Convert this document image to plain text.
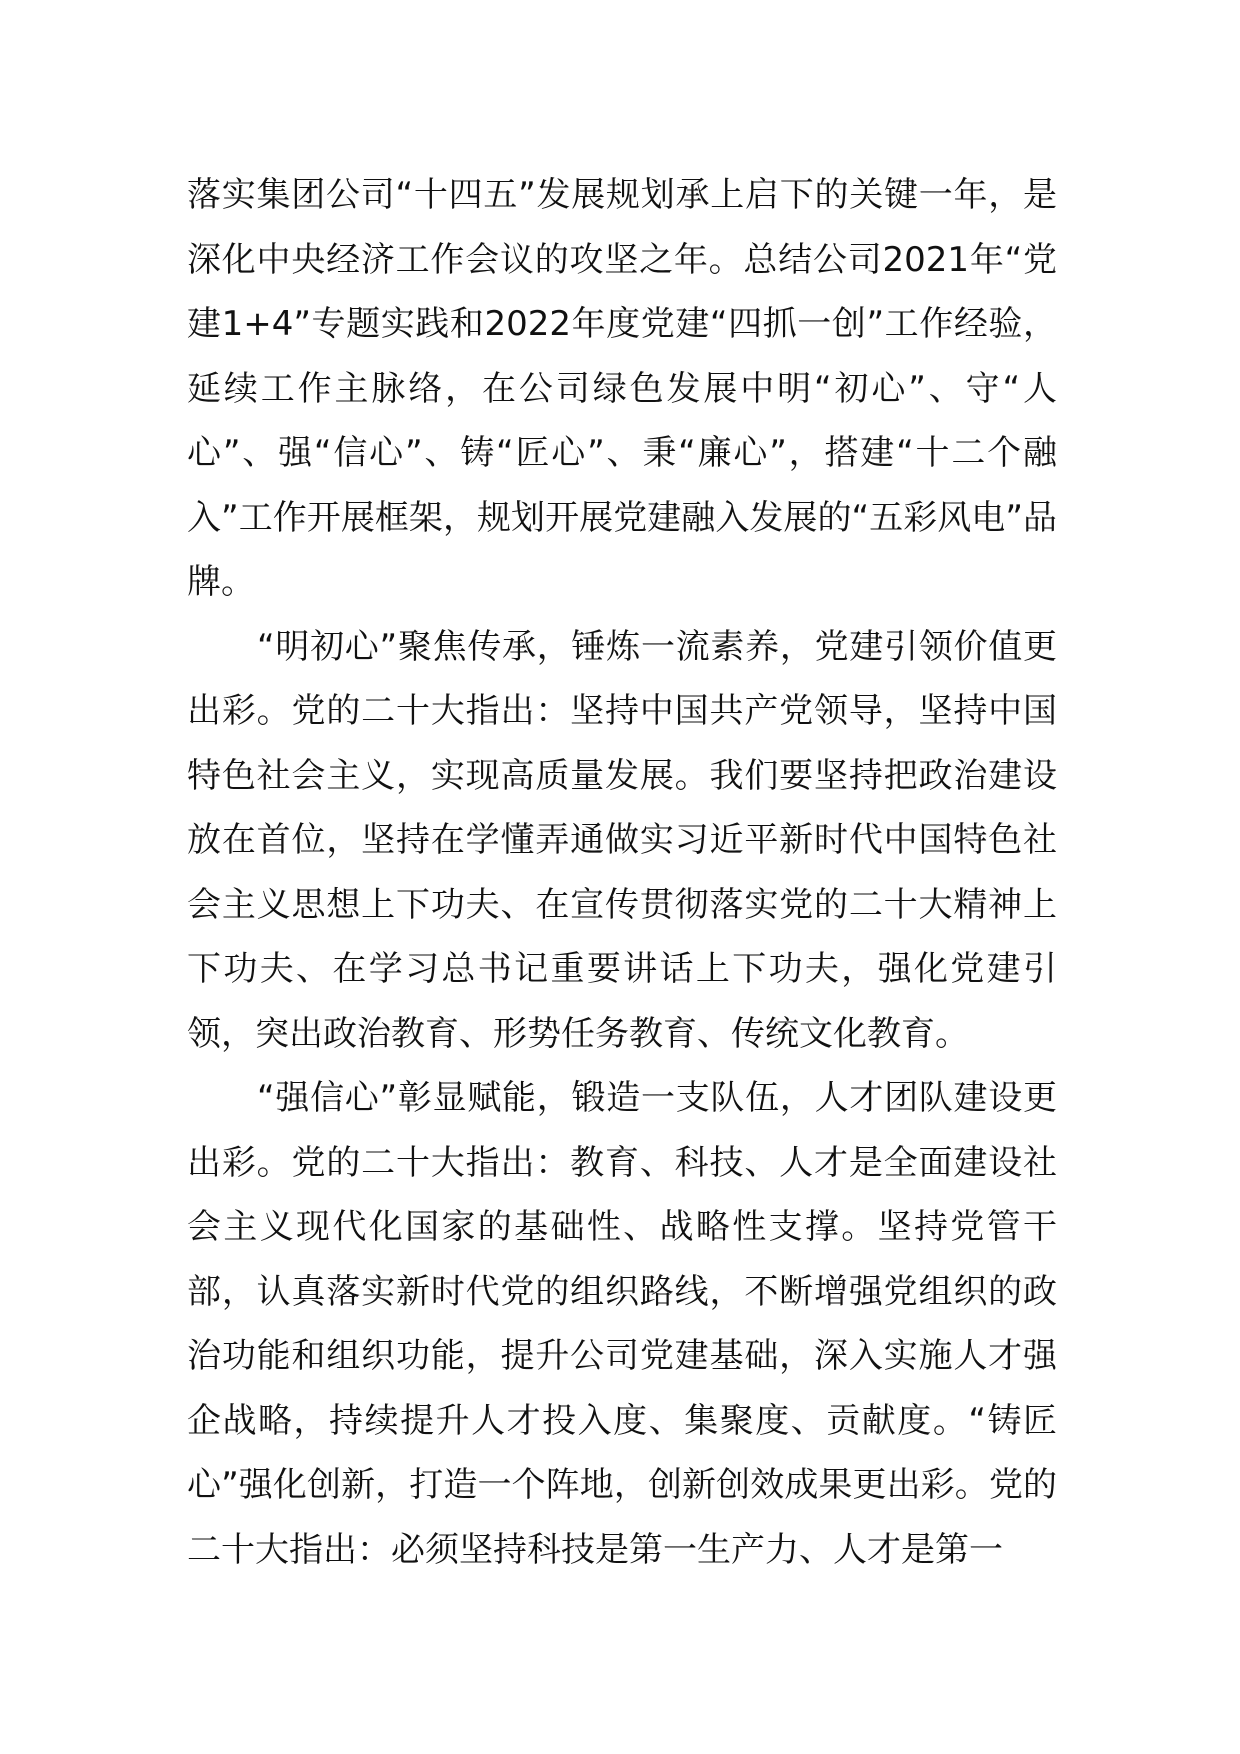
落实集团公司“十四五”发展规划承上启下的关键一年，是深化中央经济工作会议的攻坚之年。总结公司2021年“党建1+4”专题实践和2022年度党建“四抓一创”工作经验，延续工作主脉络，在公司绿色发展中明“初心”、守“人心”、强“信心”、铸“匠心”、秉“廉心”，搭建“十二个融入”工作开展框架，规划开展党建融入发展的“五彩风电”品牌。

“明初心”聚焦传承，锤炼一流素养，党建引领价值更出彩。党的二十大指出：坚持中国共产党领导，坚持中国特色社会主义，实现高质量发展。我们要坚持把政治建设放在首位，坚持在学懂弄通做实习近平新时代中国特色社会主义思想上下功夫、在宣传贯彻落实党的二十大精神上下功夫、在学习总书记重要讲话上下功夫，强化党建引领，突出政治教育、形势任务教育、传统文化教育。

“强信心”彰显赋能，锻造一支队伍，人才团队建设更出彩。党的二十大指出：教育、科技、人才是全面建设社会主义现代化国家的基础性、战略性支撑。坚持党管干部，认真落实新时代党的组织路线，不断增强党组织的政治功能和组织功能，提升公司党建基础，深入实施人才强企战略，持续提升人才投入度、集聚度、贡献度。“铸匠心”强化创新，打造一个阵地，创新创效成果更出彩。党的二十大指出：必须坚持科技是第一生产力、人才是第一
